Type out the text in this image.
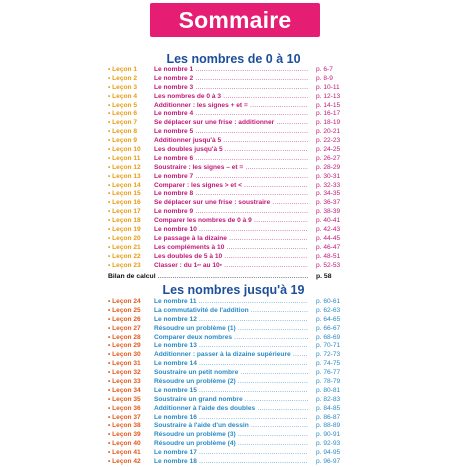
Sommaire
Les nombres de 0 à 10
• Leçon 1	Le nombre 1 .....	p. 6-7
• Leçon 2	Le nombre 2 .....	p. 8-9
• Leçon 3	Le nombre 3 .....	p. 10-11
• Leçon 4	Les nombres de 0 à 3 .....	p. 12-13
• Leçon 5	Additionner : les signes + et = .....	p. 14-15
• Leçon 6	Le nombre 4 .....	p. 16-17
• Leçon 7	Se déplacer sur une frise : additionner .....	p. 18-19
• Leçon 8	Le nombre 5 .....	p. 20-21
• Leçon 9	Additionner jusqu'à 5 .....	p. 22-23
• Leçon 10 Les doubles jusqu'à 5 .....	p. 24-25
• Leçon 11 Le nombre 6 .....	p. 26-27
• Leçon 12 Soustraire : les signes – et = .....	p. 28-29
• Leçon 13 Le nombre 7 .....	p. 30-31
• Leçon 14 Comparer : les signes > et < .....	p. 32-33
• Leçon 15 Le nombre 8 .....	p. 34-35
• Leçon 16 Se déplacer sur une frise : soustraire .....	p. 36-37
• Leçon 17 Le nombre 9 .....	p. 38-39
• Leçon 18 Comparer les nombres de 0 à 9 .....	p. 40-41
• Leçon 19 Le nombre 10 .....	p. 42-43
• Leçon 20 Le passage à la dizaine .....	p. 44-45
• Leçon 21 Les compléments à 10 .....	p. 46-47
• Leçon 22 Les doubles de 5 à 10 .....	p. 48-51
• Leçon 23 Classer : du 1er au 10e .....	p. 52-53
Bilan de calcul .....	p. 58
Les nombres jusqu'à 19
• Leçon 24 Le nombre 11 .....	p. 60-61
• Leçon 25 La commutativité de l'addition .....	p. 62-63
• Leçon 26 Le nombre 12 .....	p. 64-65
• Leçon 27 Résoudre un problème (1) .....	p. 66-67
• Leçon 28 Comparer deux nombres .....	p. 68-69
• Leçon 29 Le nombre 13 .....	p. 70-71
• Leçon 30 Additionner : passer à la dizaine supérieure .....	p. 72-73
• Leçon 31 Le nombre 14 .....	p. 74-75
• Leçon 32 Soustraire un petit nombre .....	p. 76-77
• Leçon 33 Résoudre un problème (2) .....	p. 78-79
• Leçon 34 Le nombre 15 .....	p. 80-81
• Leçon 35 Soustraire un grand nombre .....	p. 82-83
• Leçon 36 Additionner à l'aide des doubles .....	p. 84-85
• Leçon 37 Le nombre 16 .....	p. 86-87
• Leçon 38 Soustraire à l'aide d'un dessin .....	p. 88-89
• Leçon 39 Résoudre un problème (3) .....	p. 90-91
• Leçon 40 Résoudre un problème (4) .....	p. 92-93
• Leçon 41 Le nombre 17 .....	p. 94-95
• Leçon 42 Le nombre 18 .....	p. 96-97
